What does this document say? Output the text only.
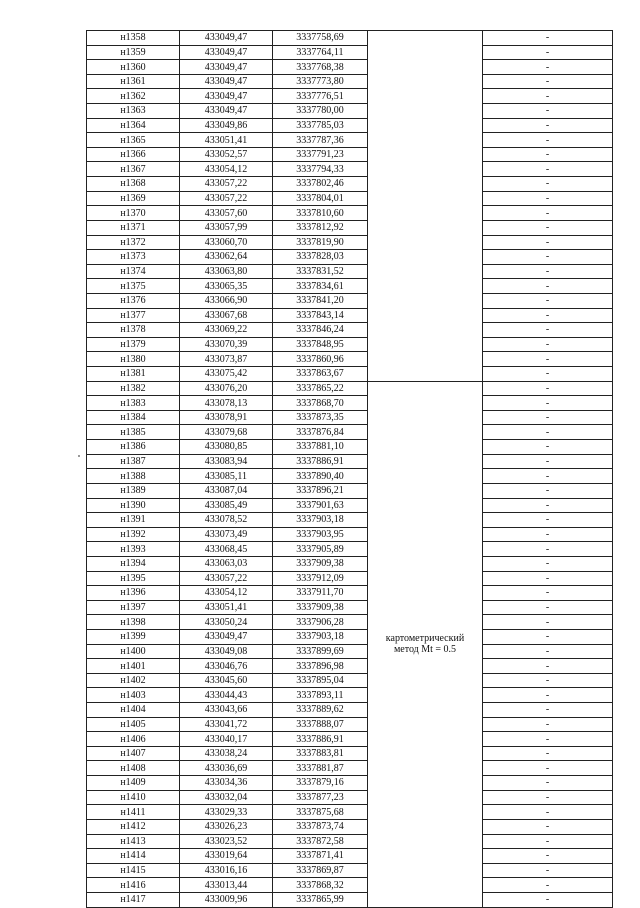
н1358	433049,47	3337758,69		-
н1359	433049,47	3337764,11		-
н1360	433049,47	3337768,38		-
н1361	433049,47	3337773,80		-
н1362	433049,47	3337776,51		-
н1363	433049,47	3337780,00		-
н1364	433049,86	3337785,03		-
н1365	433051,41	3337787,36		-
н1366	433052,57	3337791,23		-
н1367	433054,12	3337794,33		-
н1368	433057,22	3337802,46		-
н1369	433057,22	3337804,01		-
н1370	433057,60	3337810,60		-
н1371	433057,99	3337812,92		-
н1372	433060,70	3337819,90		-
н1373	433062,64	3337828,03		-
н1374	433063,80	3337831,52		-
н1375	433065,35	3337834,61		-
н1376	433066,90	3337841,20		-
н1377	433067,68	3337843,14		-
н1378	433069,22	3337846,24		-
н1379	433070,39	3337848,95		-
н1380	433073,87	3337860,96		-
н1381	433075,42	3337863,67		-
н1382	433076,20	3337865,22	картометрический
метод Mt = 0.5	-
н1383	433078,13	3337868,70		-
н1384	433078,91	3337873,35		-
н1385	433079,68	3337876,84		-
н1386	433080,85	3337881,10		-
н1387	433083,94	3337886,91		-
н1388	433085,11	3337890,40		-
н1389	433087,04	3337896,21		-
н1390	433085,49	3337901,63		-
н1391	433078,52	3337903,18		-
н1392	433073,49	3337903,95		-
н1393	433068,45	3337905,89		-
н1394	433063,03	3337909,38		-
н1395	433057,22	3337912,09		-
н1396	433054,12	3337911,70		-
н1397	433051,41	3337909,38		-
н1398	433050,24	3337906,28		-
н1399	433049,47	3337903,18		-
н1400	433049,08	3337899,69		-
н1401	433046,76	3337896,98		-
н1402	433045,60	3337895,04		-
н1403	433044,43	3337893,11		-
н1404	433043,66	3337889,62		-
н1405	433041,72	3337888,07		-
н1406	433040,17	3337886,91		-
н1407	433038,24	3337883,81		-
н1408	433036,69	3337881,87		-
н1409	433034,36	3337879,16		-
н1410	433032,04	3337877,23		-
н1411	433029,33	3337875,68		-
н1412	433026,23	3337873,74		-
н1413	433023,52	3337872,58		-
н1414	433019,64	3337871,41		-
н1415	433016,16	3337869,87		-
н1416	433013,44	3337868,32		-
н1417	433009,96	3337865,99		-
